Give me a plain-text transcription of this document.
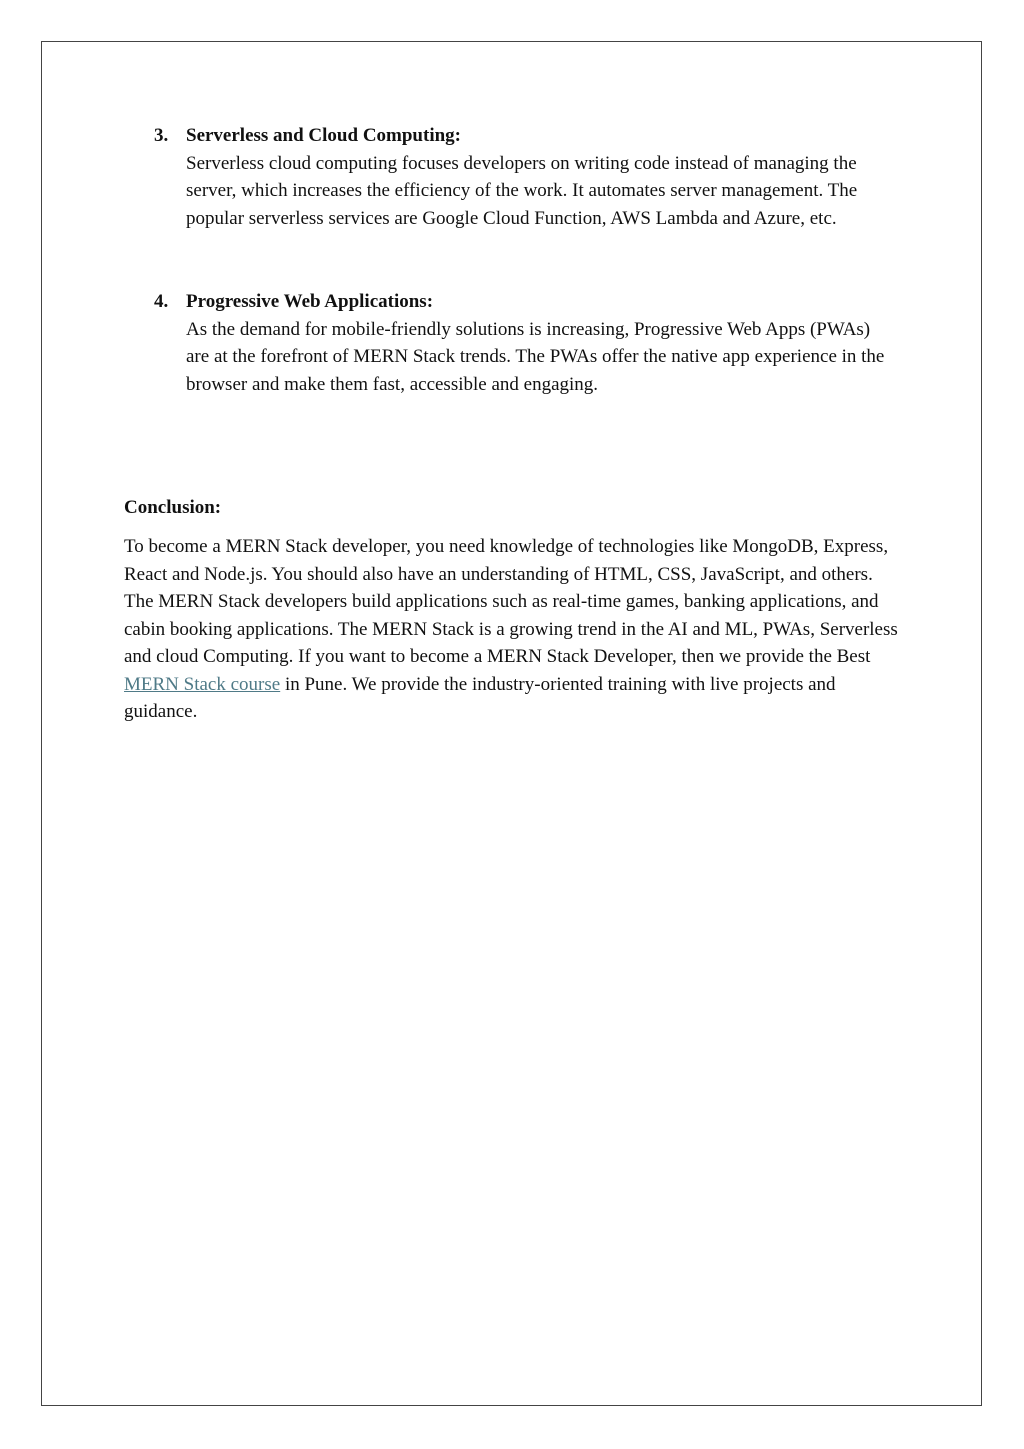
3. Serverless and Cloud Computing:
Serverless cloud computing focuses developers on writing code instead of managing the server, which increases the efficiency of the work. It automates server management. The popular serverless services are Google Cloud Function, AWS Lambda and Azure, etc.
4. Progressive Web Applications:
As the demand for mobile-friendly solutions is increasing, Progressive Web Apps (PWAs) are at the forefront of MERN Stack trends. The PWAs offer the native app experience in the browser and make them fast, accessible and engaging.
Conclusion:

To become a MERN Stack developer, you need knowledge of technologies like MongoDB, Express, React and Node.js. You should also have an understanding of HTML, CSS, JavaScript, and others. The MERN Stack developers build applications such as real-time games, banking applications, and cabin booking applications. The MERN Stack is a growing trend in the AI and ML, PWAs, Serverless and cloud Computing. If you want to become a MERN Stack Developer, then we provide the Best MERN Stack course in Pune. We provide the industry-oriented training with live projects and guidance.
